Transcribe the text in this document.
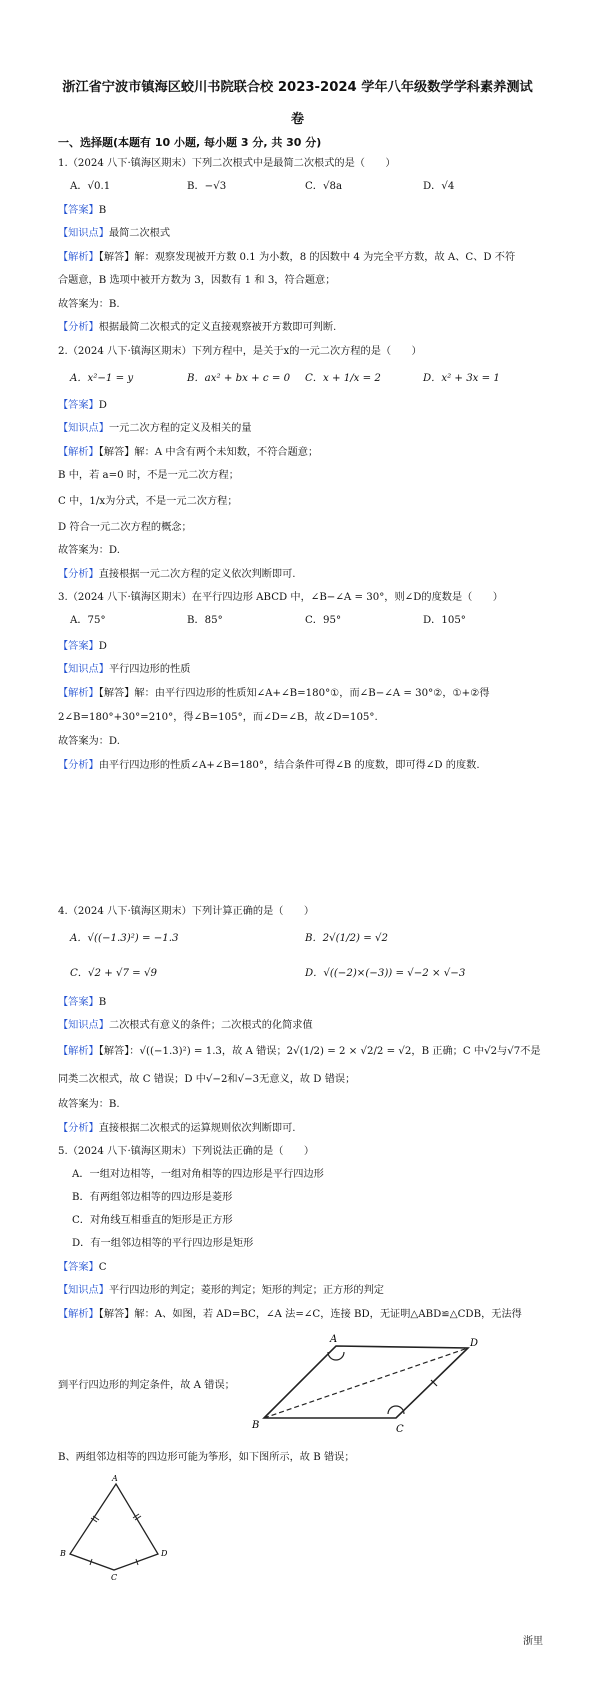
浙江省宁波市镇海区蛟川书院联合校 2023-2024 学年八年级数学学科素养测试
卷
一、选择题(本题有 10 小题, 每小题 3 分, 共 30 分)
1.（2024 八下·镇海区期末）下列二次根式中是最简二次根式的是（　　）
A．√0.1	B．−√3	C．√8a	D．√4
【答案】B
【知识点】最简二次根式
【解析】【解答】解：观察发现被开方数 0.1 为小数，8 的因数中 4 为完全平方数，故 A、C、D 不符
合题意，B 选项中被开方数为 3，因数有 1 和 3，符合题意；
故答案为：B.
【分析】根据最简二次根式的定义直接观察被开方数即可判断.
2.（2024 八下·镇海区期末）下列方程中，是关于x的一元二次方程的是（　　）
A．x²−1 = y	B．ax² + bx + c = 0 C．x + 1/x = 2	D．x² + 3x = 1
【答案】D
【知识点】一元二次方程的定义及相关的量
【解析】【解答】解：A 中含有两个未知数，不符合题意；
B 中，若 a=0 时，不是一元二次方程；
C 中，1/x为分式，不是一元二次方程；
D 符合一元二次方程的概念；
故答案为：D.
【分析】直接根据一元二次方程的定义依次判断即可.
3.（2024 八下·镇海区期末）在平行四边形 ABCD 中，∠B−∠A = 30°，则∠D的度数是（　　）
A．75°	B．85°	C．95°	D．105°
【答案】D
【知识点】平行四边形的性质
【解析】【解答】解：由平行四边形的性质知∠A+∠B=180°①，而∠B−∠A = 30°②，①+②得
2∠B=180°+30°=210°，得∠B=105°，而∠D=∠B，故∠D=105°.
故答案为：D.
【分析】由平行四边形的性质∠A+∠B=180°，结合条件可得∠B 的度数，即可得∠D 的度数.
4.（2024 八下·镇海区期末）下列计算正确的是（　　）
A．√((−1.3)²) = −1.3	B．2√(1/2) = √2
C．√2 + √7 = √9	D．√((−2)×(−3)) = √−2 × √−3
【答案】B
【知识点】二次根式有意义的条件；二次根式的化简求值
【解析】【解答】：√((−1.3)²) = 1.3，故 A 错误；2√(1/2) = 2 × √2/2 = √2，B 正确；C 中√2与√7不是
同类二次根式，故 C 错误；D 中√−2和√−3无意义，故 D 错误；
故答案为：B.
【分析】直接根据二次根式的运算规则依次判断即可.
5.（2024 八下·镇海区期末）下列说法正确的是（　　）
A．一组对边相等，一组对角相等的四边形是平行四边形
B．有两组邻边相等的四边形是菱形
C．对角线互相垂直的矩形是正方形
D．有一组邻边相等的平行四边形是矩形
【答案】C
【知识点】平行四边形的判定；菱形的判定；矩形的判定；正方形的判定
【解析】【解答】解：A、如图，若 AD=BC，∠A 法=∠C，连接 BD，无证明△ABD≌△CDB，无法得
到平行四边形的判定条件，故 A 错误；
A	D
B	C
B、两组邻边相等的四边形可能为筝形，如下图所示，故 B 错误；
A
B	D
C
浙里
